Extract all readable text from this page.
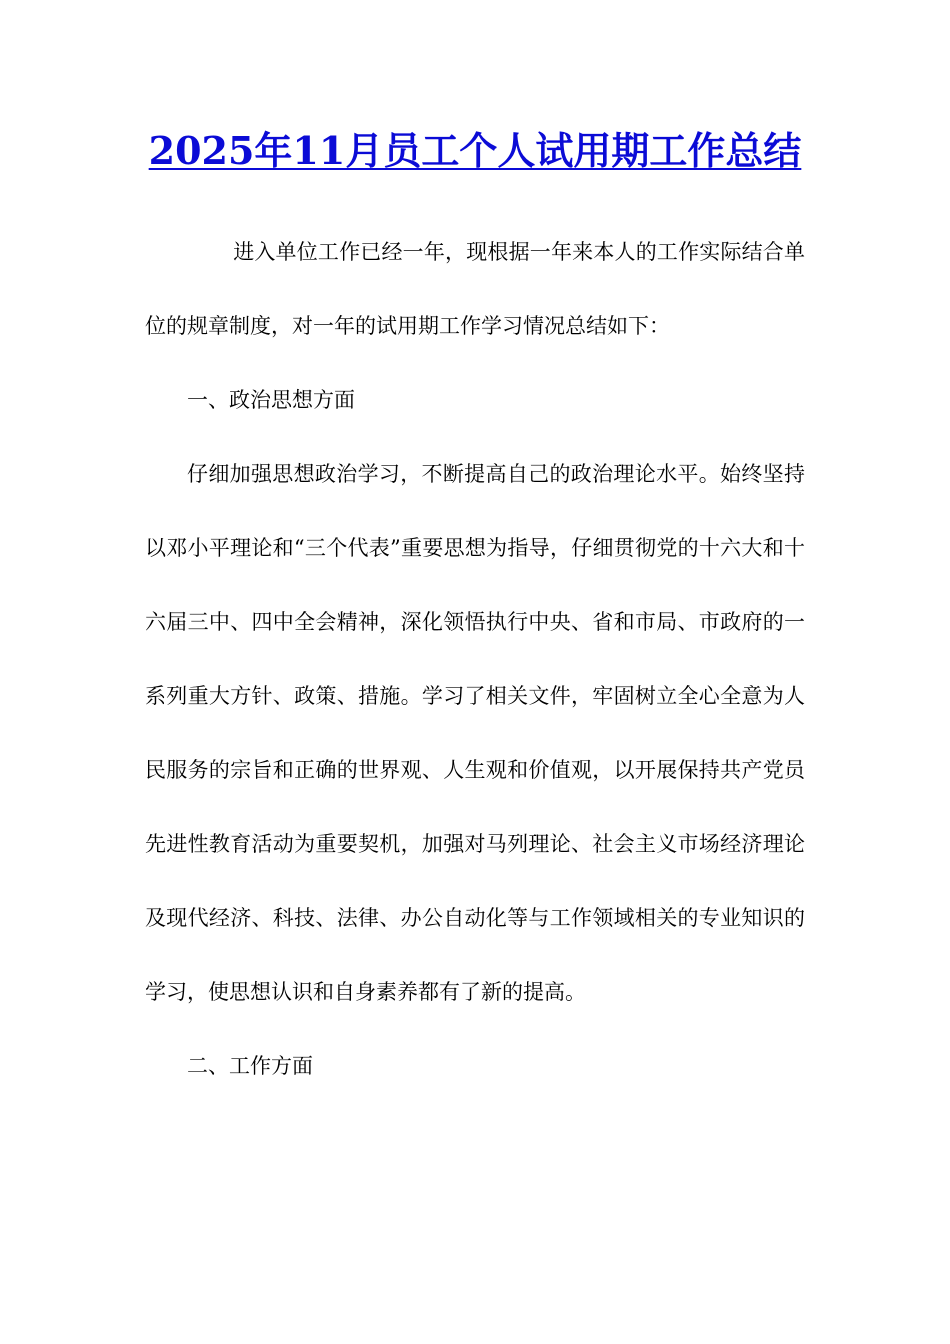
2025年11月员工个人试用期工作总结

进入单位工作已经一年，现根据一年来本人的工作实际结合单位的规章制度，对一年的试用期工作学习情况总结如下：

一、政治思想方面

仔细加强思想政治学习，不断提高自己的政治理论水平。始终坚持以邓小平理论和“三个代表”重要思想为指导，仔细贯彻党的十六大和十六届三中、四中全会精神，深化领悟执行中央、省和市局、市政府的一系列重大方针、政策、措施。学习了相关文件，牢固树立全心全意为人民服务的宗旨和正确的世界观、人生观和价值观，以开展保持共产党员先进性教育活动为重要契机，加强对马列理论、社会主义市场经济理论及现代经济、科技、法律、办公自动化等与工作领域相关的专业知识的学习，使思想认识和自身素养都有了新的提高。

二、工作方面
